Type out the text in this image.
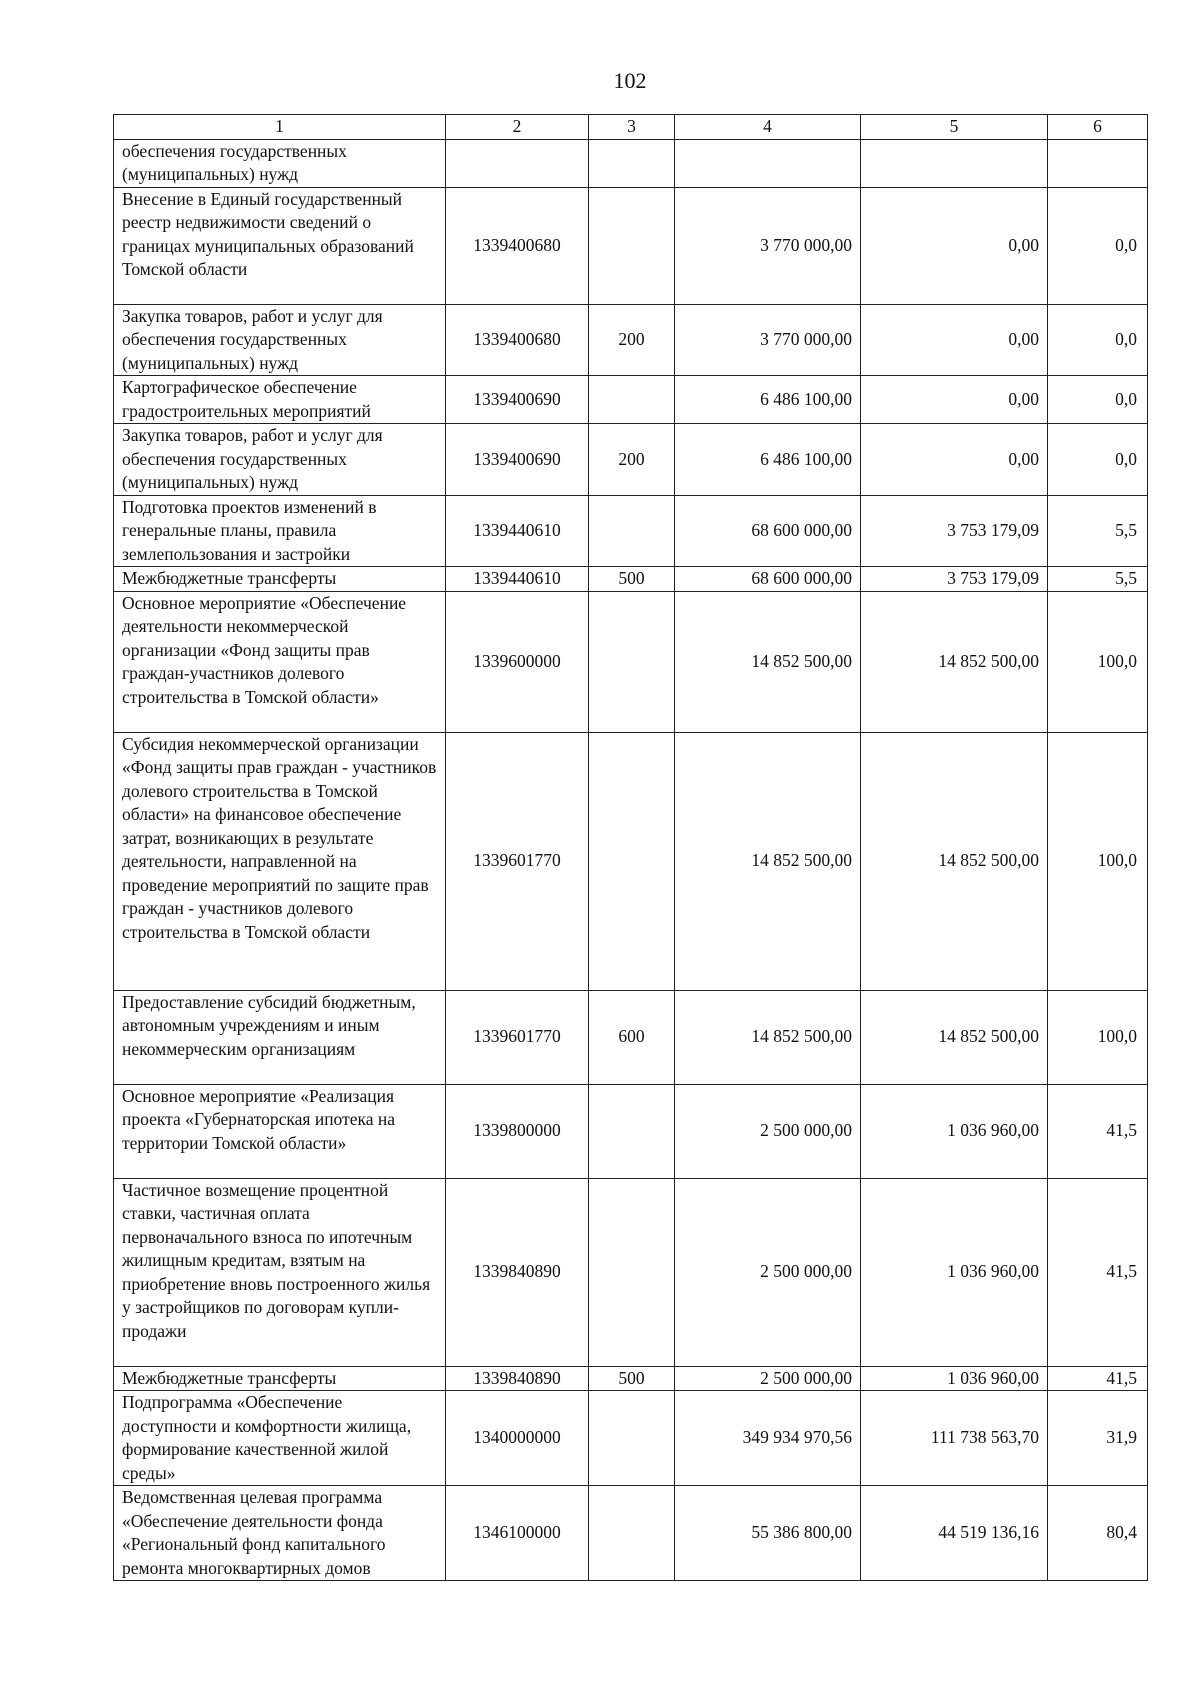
102
1	2	3	4	5	6
обеспечения государственных (муниципальных) нужд					
Внесение в Единый государственный реестр недвижимости сведений о границах муниципальных образований Томской области	1339400680		3 770 000,00	0,00	0,0
Закупка товаров, работ и услуг для обеспечения государственных (муниципальных) нужд	1339400680	200	3 770 000,00	0,00	0,0
Картографическое обеспечение градостроительных мероприятий	1339400690		6 486 100,00	0,00	0,0
Закупка товаров, работ и услуг для обеспечения государственных (муниципальных) нужд	1339400690	200	6 486 100,00	0,00	0,0
Подготовка проектов изменений в генеральные планы, правила землепользования и застройки	1339440610		68 600 000,00	3 753 179,09	5,5
Межбюджетные трансферты	1339440610	500	68 600 000,00	3 753 179,09	5,5
Основное мероприятие «Обеспечение деятельности некоммерческой организации «Фонд защиты прав граждан-участников долевого строительства в Томской области»	1339600000		14 852 500,00	14 852 500,00	100,0
Субсидия некоммерческой организации «Фонд защиты прав граждан - участников долевого строительства в Томской области» на финансовое обеспечение затрат, возникающих в результате деятельности, направленной на проведение мероприятий по защите прав граждан - участников долевого строительства в Томской области	1339601770		14 852 500,00	14 852 500,00	100,0
Предоставление субсидий бюджетным, автономным учреждениям и иным некоммерческим организациям	1339601770	600	14 852 500,00	14 852 500,00	100,0
Основное мероприятие «Реализация проекта «Губернаторская ипотека на территории Томской области»	1339800000		2 500 000,00	1 036 960,00	41,5
Частичное возмещение процентной ставки, частичная оплата первоначального взноса по ипотечным жилищным кредитам, взятым на приобретение вновь построенного жилья у застройщиков по договорам купли-продажи	1339840890		2 500 000,00	1 036 960,00	41,5
Межбюджетные трансферты	1339840890	500	2 500 000,00	1 036 960,00	41,5
Подпрограмма «Обеспечение доступности и комфортности жилища, формирование качественной жилой среды»	1340000000		349 934 970,56	111 738 563,70	31,9
Ведомственная целевая программа «Обеспечение деятельности фонда «Региональный фонд капитального ремонта многоквартирных домов	1346100000		55 386 800,00	44 519 136,16	80,4
